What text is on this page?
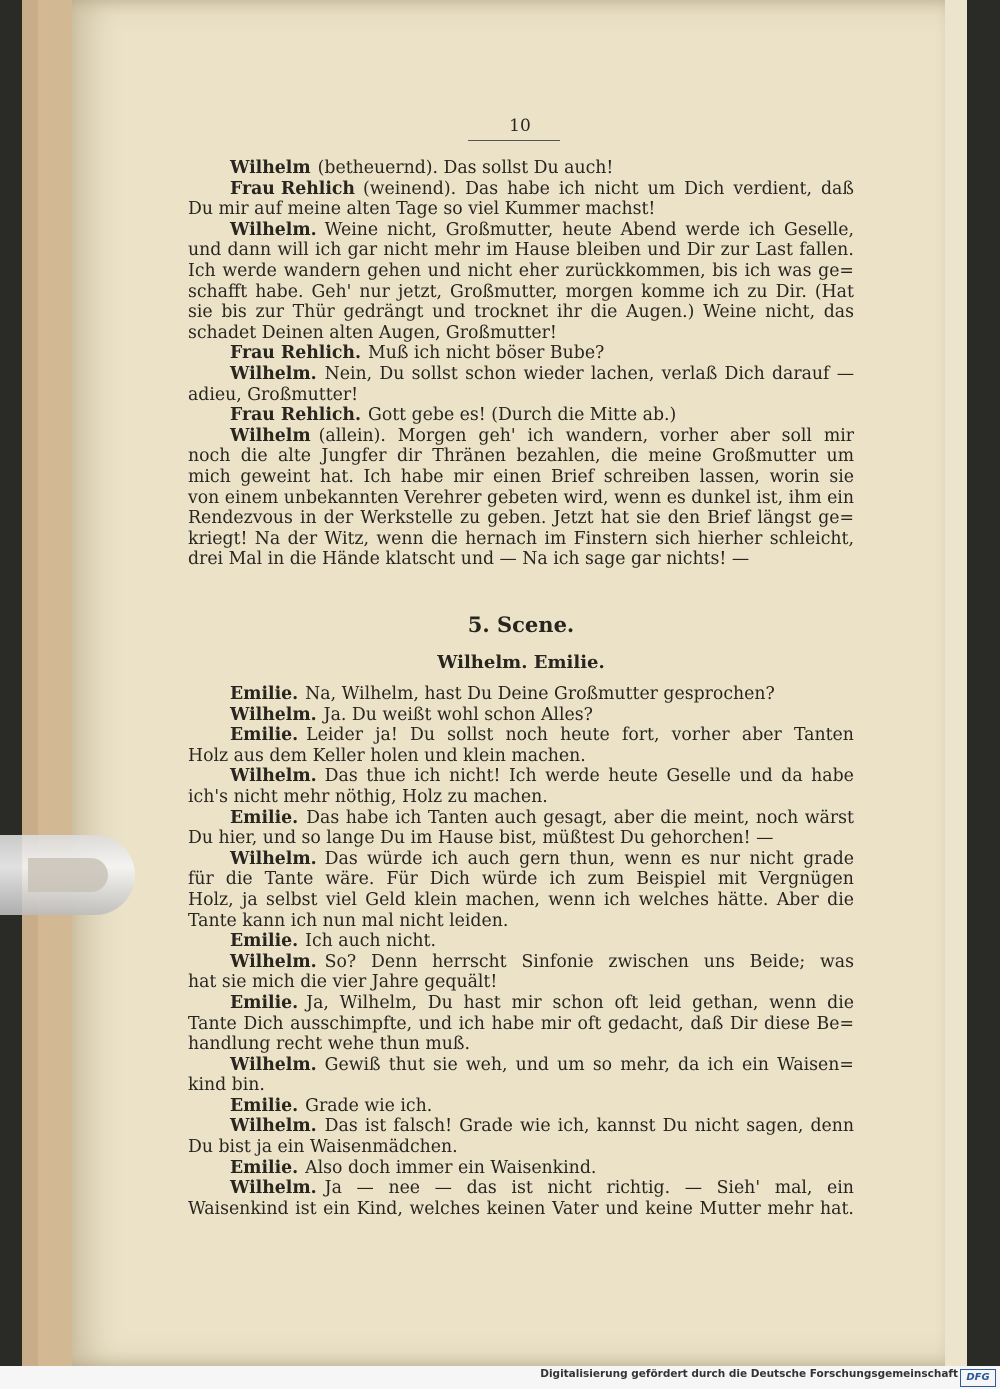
10
Wilhelm (betheuernd). Das sollst Du auch!
Frau Rehlich (weinend). Das habe ich nicht um Dich verdient, daß
Du mir auf meine alten Tage so viel Kummer machst!
Wilhelm. Weine nicht, Großmutter, heute Abend werde ich Geselle,
und dann will ich gar nicht mehr im Hause bleiben und Dir zur Last fallen.
Ich werde wandern gehen und nicht eher zurückkommen, bis ich was ge=
schafft habe. Geh' nur jetzt, Großmutter, morgen komme ich zu Dir. (Hat
sie bis zur Thür gedrängt und trocknet ihr die Augen.) Weine nicht, das
schadet Deinen alten Augen, Großmutter!
Frau Rehlich. Muß ich nicht böser Bube?
Wilhelm. Nein, Du sollst schon wieder lachen, verlaß Dich darauf —
adieu, Großmutter!
Frau Rehlich. Gott gebe es! (Durch die Mitte ab.)
Wilhelm (allein). Morgen geh' ich wandern, vorher aber soll mir
noch die alte Jungfer dir Thränen bezahlen, die meine Großmutter um
mich geweint hat. Ich habe mir einen Brief schreiben lassen, worin sie
von einem unbekannten Verehrer gebeten wird, wenn es dunkel ist, ihm ein
Rendezvous in der Werkstelle zu geben. Jetzt hat sie den Brief längst ge=
kriegt! Na der Witz, wenn die hernach im Finstern sich hierher schleicht,
drei Mal in die Hände klatscht und — Na ich sage gar nichts! —
5. Scene.
Wilhelm. Emilie.
Emilie. Na, Wilhelm, hast Du Deine Großmutter gesprochen?
Wilhelm. Ja. Du weißt wohl schon Alles?
Emilie. Leider ja! Du sollst noch heute fort, vorher aber Tanten
Holz aus dem Keller holen und klein machen.
Wilhelm. Das thue ich nicht! Ich werde heute Geselle und da habe
ich's nicht mehr nöthig, Holz zu machen.
Emilie. Das habe ich Tanten auch gesagt, aber die meint, noch wärst
Du hier, und so lange Du im Hause bist, müßtest Du gehorchen! —
Wilhelm. Das würde ich auch gern thun, wenn es nur nicht grade
für die Tante wäre. Für Dich würde ich zum Beispiel mit Vergnügen
Holz, ja selbst viel Geld klein machen, wenn ich welches hätte. Aber die
Tante kann ich nun mal nicht leiden.
Emilie. Ich auch nicht.
Wilhelm. So? Denn herrscht Sinfonie zwischen uns Beide; was
hat sie mich die vier Jahre gequält!
Emilie. Ja, Wilhelm, Du hast mir schon oft leid gethan, wenn die
Tante Dich ausschimpfte, und ich habe mir oft gedacht, daß Dir diese Be=
handlung recht wehe thun muß.
Wilhelm. Gewiß thut sie weh, und um so mehr, da ich ein Waisen=
kind bin.
Emilie. Grade wie ich.
Wilhelm. Das ist falsch! Grade wie ich, kannst Du nicht sagen, denn
Du bist ja ein Waisenmädchen.
Emilie. Also doch immer ein Waisenkind.
Wilhelm. Ja — nee — das ist nicht richtig. — Sieh' mal, ein
Waisenkind ist ein Kind, welches keinen Vater und keine Mutter mehr hat.
Digitalisierung gefördert durch die Deutsche Forschungsgemeinschaft DFG
